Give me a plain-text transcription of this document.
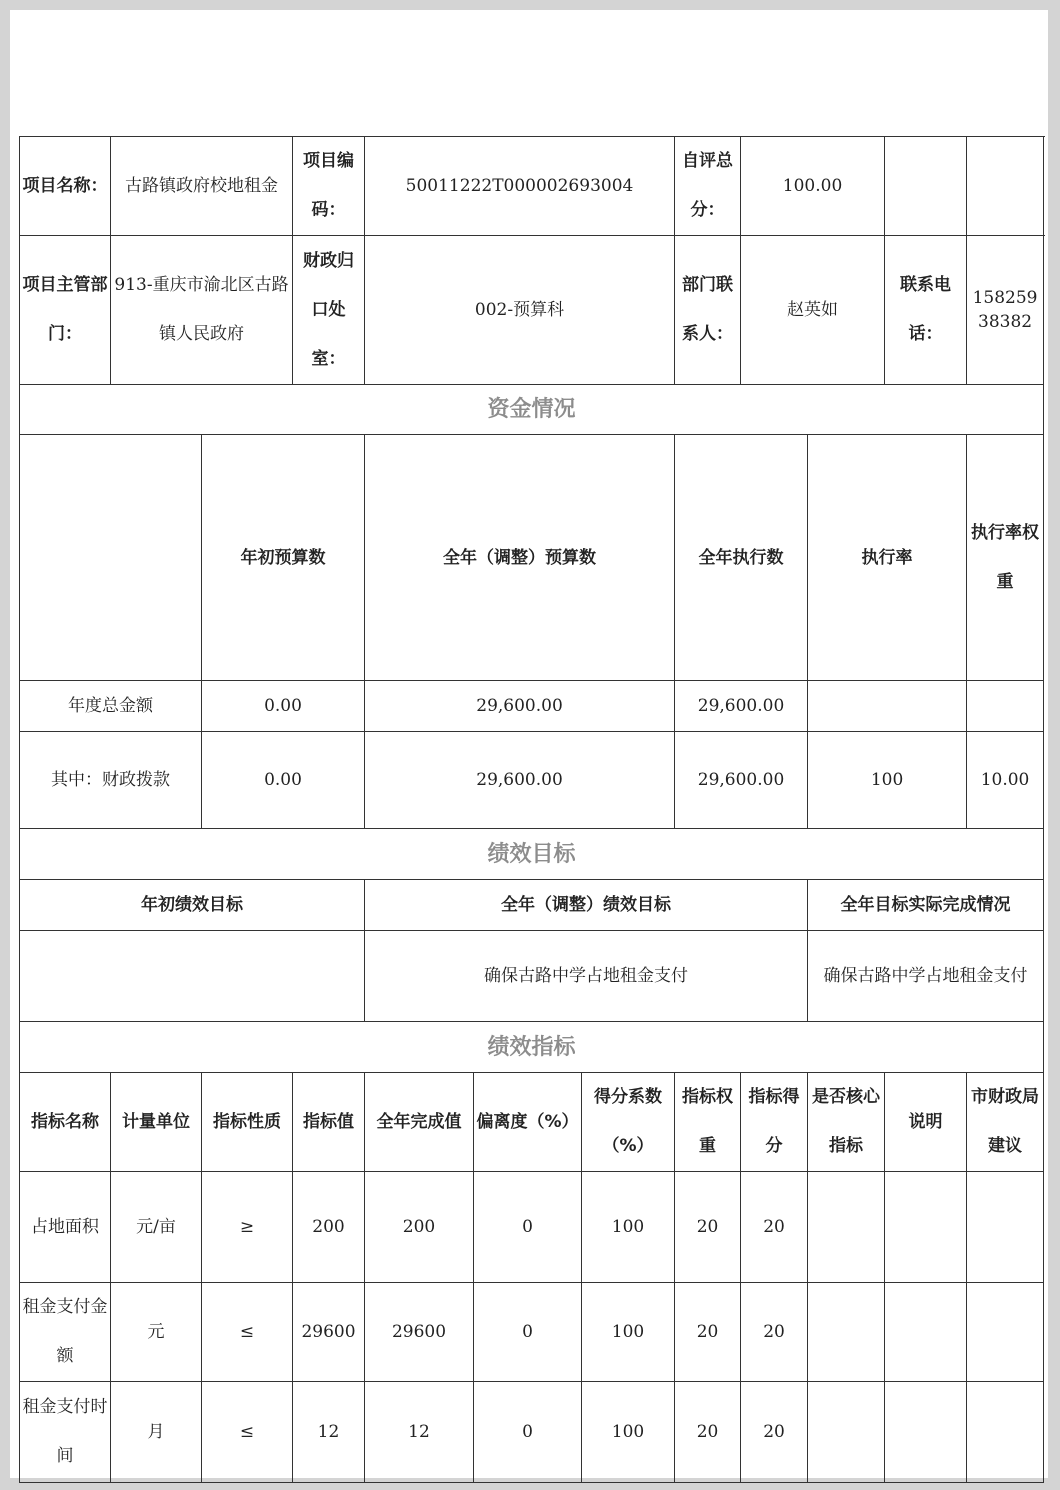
项目名称：	古路镇政府校地租金		项目编码：	50011222T000002693004			自评总分：	100.00				
项目主管部门：	913-重庆市渝北区古路镇人民政府		财政归口处室：	002-预算科			部门联系人：	赵英如		联系电话：	15825938382	
资金情况												
		年初预算数		全年（调整）预算数			全年执行数		执行率		执行率权重	
年度总金额		0.00		29,600.00			29,600.00					
其中：财政拨款		0.00		29,600.00			29,600.00		100		10.00	
绩效目标												
年初绩效目标				全年（调整）绩效目标					全年目标实际完成情况			
				确保古路中学占地租金支付					确保古路中学占地租金支付			
绩效指标												
指标名称	计量单位	指标性质	指标值	全年完成值	偏离度（%）	得分系数（%）	指标权重	指标得分	是否核心指标	说明	市财政局建议	
占地面积	元/亩	≥	200	200	0	100	20	20				
租金支付金额	元	≤	29600	29600	0	100	20	20				
租金支付时间	月	≤	12	12	0	100	20	20				
